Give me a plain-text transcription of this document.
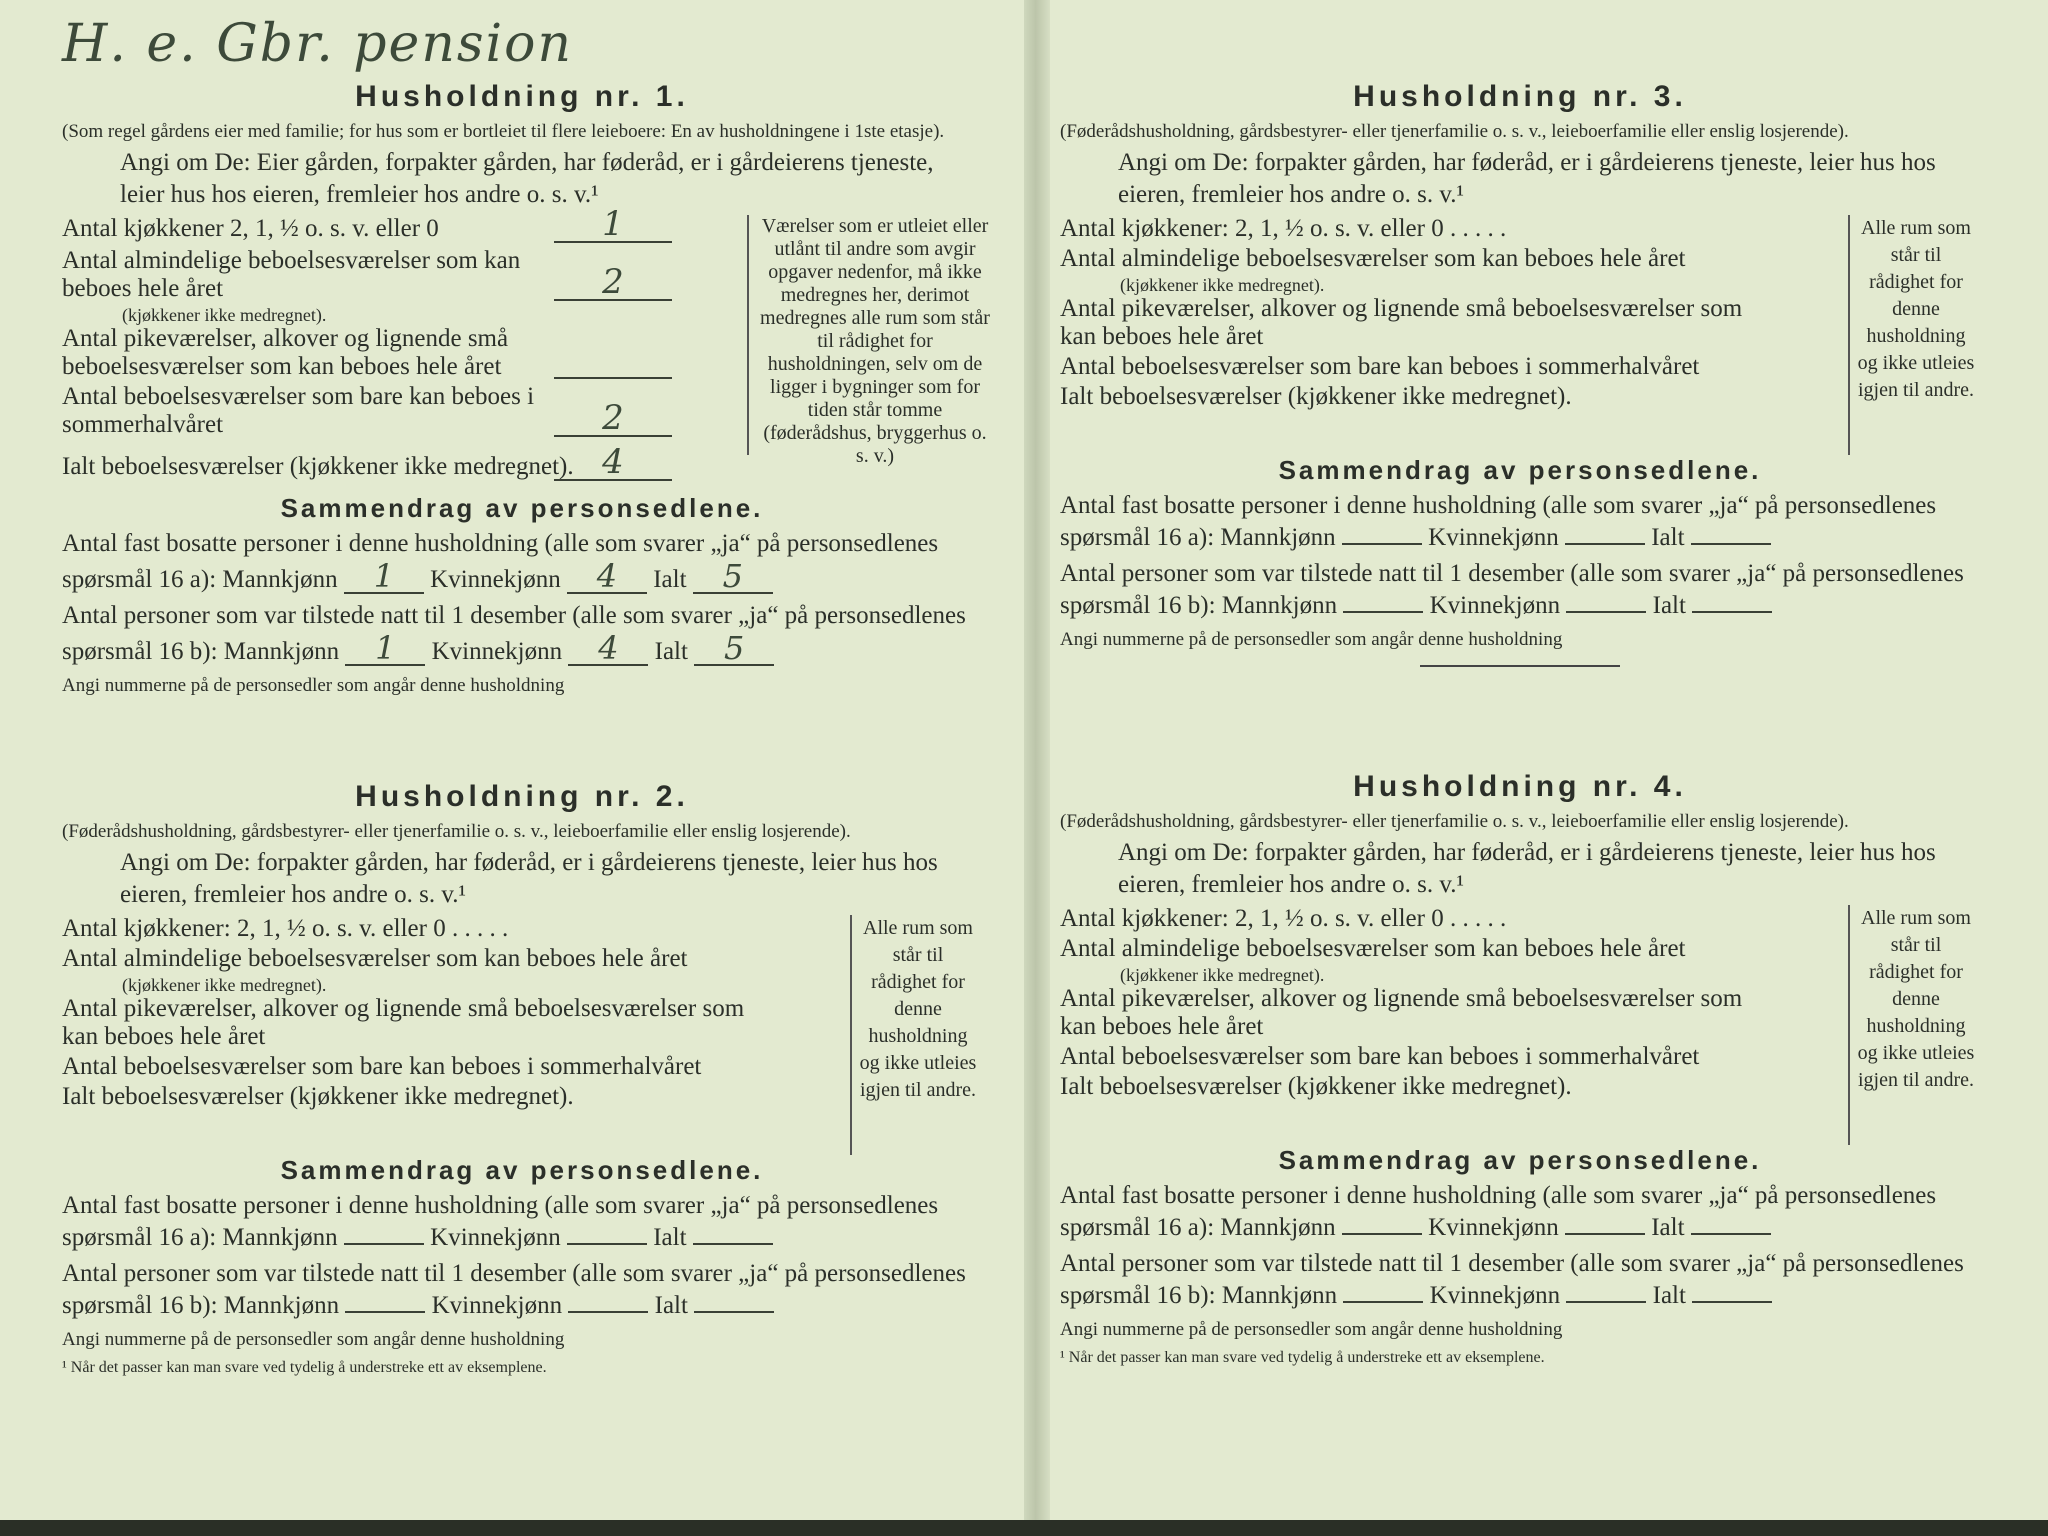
H. e. Gbr. pension

Husholdning nr. 1.

(Som regel gårdens eier med familie; for hus som er bortleiet til flere leieboere: En av husholdningene i 1ste etasje).

Angi om De: Eier gården, forpakter gården, har føderåd, er i gårdeierens tjeneste, leier hus hos eieren, fremleier hos andre o. s. v.¹

Antal kjøkkener 2, 1, ½ o. s. v. eller 0	1
Antal almindelige beboelsesværelser som kan beboes hele året	2
(kjøkkener ikke medregnet).
Antal pikeværelser, alkover og lignende små beboelsesværelser som kan beboes hele året
Antal beboelsesværelser som bare kan beboes i sommerhalvåret	2
Værelser som er utleiet eller utlånt til andre som avgir opgaver nedenfor, må ikke medregnes her, derimot medregnes alle rum som står til rådighet for husholdningen, selv om de ligger i bygninger som for tiden står tomme (føderådshus, bryggerhus o. s. v.)
Ialt beboelsesværelser (kjøkkener ikke medregnet). 4

Sammendrag av personsedlene.

Antal fast bosatte personer i denne husholdning (alle som svarer „ja“ på personsedlenes spørsmål 16 a): Mannkjønn 1 Kvinnekjønn 4 Ialt 5

Antal personer som var tilstede natt til 1 desember (alle som svarer „ja“ på personsedlenes spørsmål 16 b): Mannkjønn 1 Kvinnekjønn 4 Ialt 5

Angi nummerne på de personsedler som angår denne husholdning

Husholdning nr. 2.

(Føderådshusholdning, gårdsbestyrer- eller tjenerfamilie o. s. v., leieboerfamilie eller enslig losjerende).

Angi om De: forpakter gården, har føderåd, er i gårdeierens tjeneste, leier hus hos eieren, fremleier hos andre o. s. v.¹

Antal kjøkkener: 2, 1, ½ o. s. v. eller 0 . . . . .
Antal almindelige beboelsesværelser som kan beboes hele året
(kjøkkener ikke medregnet).
Antal pikeværelser, alkover og lignende små beboelsesværelser som kan beboes hele året
Antal beboelsesværelser som bare kan beboes i sommerhalvåret
Ialt beboelsesværelser (kjøkkener ikke medregnet).
Alle rum som står til rådighet for denne husholdning og ikke utleies igjen til andre.

Sammendrag av personsedlene.

Antal fast bosatte personer i denne husholdning (alle som svarer „ja“ på personsedlenes spørsmål 16 a): Mannkjønn	Kvinnekjønn	Ialt

Antal personer som var tilstede natt til 1 desember (alle som svarer „ja“ på personsedlenes spørsmål 16 b): Mannkjønn	Kvinnekjønn	Ialt

Angi nummerne på de personsedler som angår denne husholdning

¹ Når det passer kan man svare ved tydelig å understreke ett av eksemplene.

Husholdning nr. 3.

(Føderådshusholdning, gårdsbestyrer- eller tjenerfamilie o. s. v., leieboerfamilie eller enslig losjerende).

Angi om De: forpakter gården, har føderåd, er i gårdeierens tjeneste, leier hus hos eieren, fremleier hos andre o. s. v.¹

Antal kjøkkener: 2, 1, ½ o. s. v. eller 0 . . . . .
Antal almindelige beboelsesværelser som kan beboes hele året
(kjøkkener ikke medregnet).
Antal pikeværelser, alkover og lignende små beboelsesværelser som kan beboes hele året
Antal beboelsesværelser som bare kan beboes i sommerhalvåret
Ialt beboelsesværelser (kjøkkener ikke medregnet).
Alle rum som står til rådighet for denne husholdning og ikke utleies igjen til andre.

Sammendrag av personsedlene.

Antal fast bosatte personer i denne husholdning (alle som svarer „ja“ på personsedlenes spørsmål 16 a): Mannkjønn	Kvinnekjønn	Ialt

Antal personer som var tilstede natt til 1 desember (alle som svarer „ja“ på personsedlenes spørsmål 16 b): Mannkjønn	Kvinnekjønn	Ialt

Angi nummerne på de personsedler som angår denne husholdning

Husholdning nr. 4.

(Føderådshusholdning, gårdsbestyrer- eller tjenerfamilie o. s. v., leieboerfamilie eller enslig losjerende).

Angi om De: forpakter gården, har føderåd, er i gårdeierens tjeneste, leier hus hos eieren, fremleier hos andre o. s. v.¹

Antal kjøkkener: 2, 1, ½ o. s. v. eller 0 . . . . .
Antal almindelige beboelsesværelser som kan beboes hele året
(kjøkkener ikke medregnet).
Antal pikeværelser, alkover og lignende små beboelsesværelser som kan beboes hele året
Antal beboelsesværelser som bare kan beboes i sommerhalvåret
Ialt beboelsesværelser (kjøkkener ikke medregnet).
Alle rum som står til rådighet for denne husholdning og ikke utleies igjen til andre.

Sammendrag av personsedlene.

Antal fast bosatte personer i denne husholdning (alle som svarer „ja“ på personsedlenes spørsmål 16 a): Mannkjønn	Kvinnekjønn	Ialt

Antal personer som var tilstede natt til 1 desember (alle som svarer „ja“ på personsedlenes spørsmål 16 b): Mannkjønn	Kvinnekjønn	Ialt

Angi nummerne på de personsedler som angår denne husholdning

¹ Når det passer kan man svare ved tydelig å understreke ett av eksemplene.
